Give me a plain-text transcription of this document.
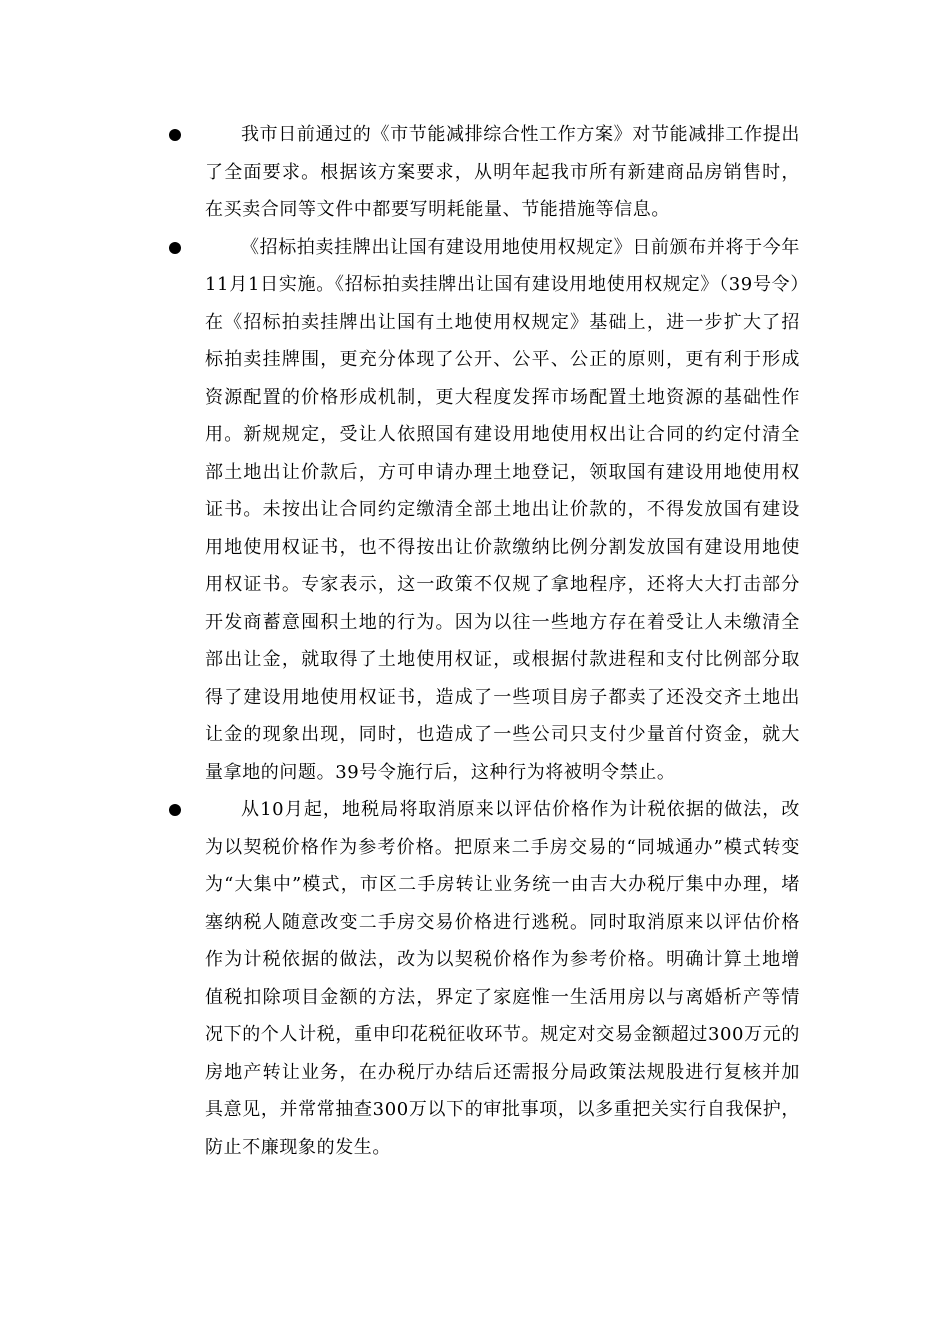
我市日前通过的《市节能减排综合性工作方案》对节能减排工作提出了全面要求。根据该方案要求，从明年起我市所有新建商品房销售时，在买卖合同等文件中都要写明耗能量、节能措施等信息。

《招标拍卖挂牌出让国有建设用地使用权规定》日前颁布并将于今年11月1日实施。《招标拍卖挂牌出让国有建设用地使用权规定》（39号令）在《招标拍卖挂牌出让国有土地使用权规定》基础上，进一步扩大了招标拍卖挂牌围，更充分体现了公开、公平、公正的原则，更有利于形成资源配置的价格形成机制，更大程度发挥市场配置土地资源的基础性作用。新规规定，受让人依照国有建设用地使用权出让合同的约定付清全部土地出让价款后，方可申请办理土地登记，领取国有建设用地使用权证书。未按出让合同约定缴清全部土地出让价款的，不得发放国有建设用地使用权证书，也不得按出让价款缴纳比例分割发放国有建设用地使用权证书。专家表示，这一政策不仅规了拿地程序，还将大大打击部分开发商蓄意囤积土地的行为。因为以往一些地方存在着受让人未缴清全部出让金，就取得了土地使用权证，或根据付款进程和支付比例部分取得了建设用地使用权证书，造成了一些项目房子都卖了还没交齐土地出让金的现象出现，同时，也造成了一些公司只支付少量首付资金，就大量拿地的问题。39号令施行后，这种行为将被明令禁止。

从10月起，地税局将取消原来以评估价格作为计税依据的做法，改为以契税价格作为参考价格。把原来二手房交易的“同城通办”模式转变为“大集中”模式，市区二手房转让业务统一由吉大办税厅集中办理，堵塞纳税人随意改变二手房交易价格进行逃税。同时取消原来以评估价格作为计税依据的做法，改为以契税价格作为参考价格。明确计算土地增值税扣除项目金额的方法，界定了家庭惟一生活用房以与离婚析产等情况下的个人计税，重申印花税征收环节。规定对交易金额超过300万元的房地产转让业务，在办税厅办结后还需报分局政策法规股进行复核并加具意见，并常常抽查300万以下的审批事项，以多重把关实行自我保护，防止不廉现象的发生。
